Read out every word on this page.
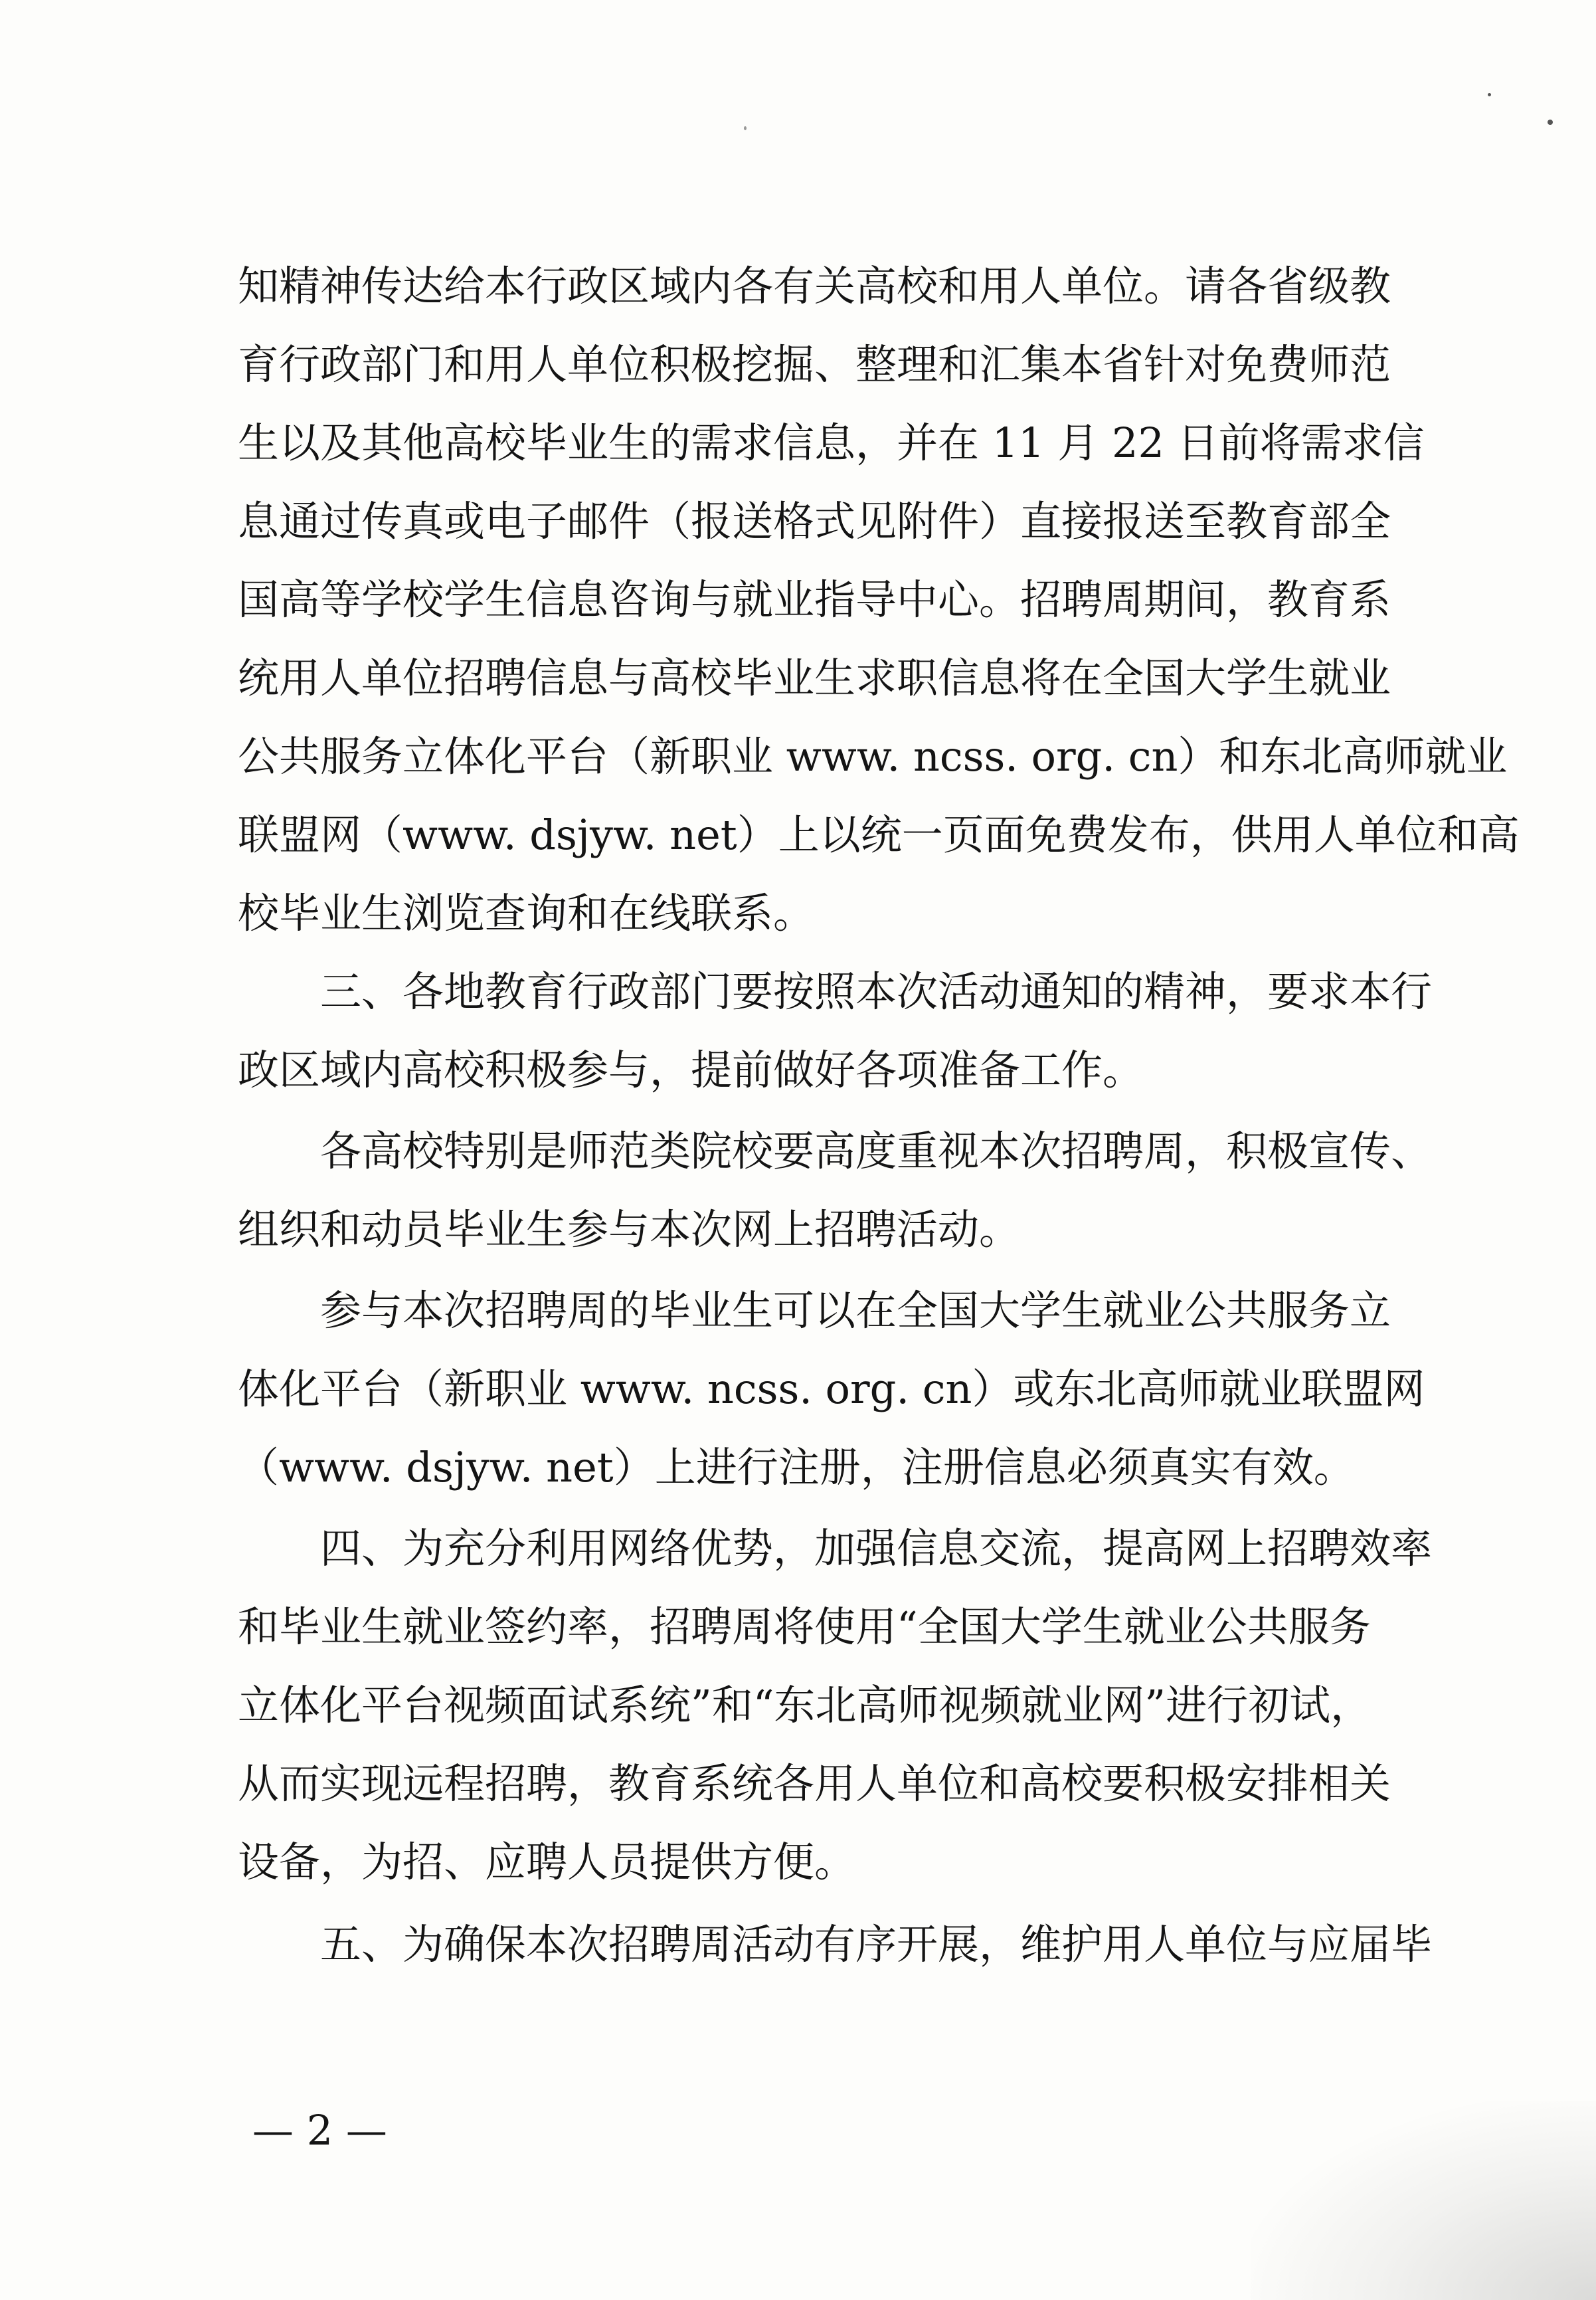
知精神传达给本行政区域内各有关高校和用人单位。请各省级教
育行政部门和用人单位积极挖掘、整理和汇集本省针对免费师范
生以及其他高校毕业生的需求信息，并在 11 月 22 日前将需求信
息通过传真或电子邮件（报送格式见附件）直接报送至教育部全
国高等学校学生信息咨询与就业指导中心。招聘周期间，教育系
统用人单位招聘信息与高校毕业生求职信息将在全国大学生就业
公共服务立体化平台（新职业 www. ncss. org. cn）和东北高师就业
联盟网（www. dsjyw. net）上以统一页面免费发布，供用人单位和高
校毕业生浏览查询和在线联系。
三、各地教育行政部门要按照本次活动通知的精神，要求本行
政区域内高校积极参与，提前做好各项准备工作。
各高校特别是师范类院校要高度重视本次招聘周，积极宣传、
组织和动员毕业生参与本次网上招聘活动。
参与本次招聘周的毕业生可以在全国大学生就业公共服务立
体化平台（新职业 www. ncss. org. cn）或东北高师就业联盟网
（www. dsjyw. net）上进行注册，注册信息必须真实有效。
四、为充分利用网络优势，加强信息交流，提高网上招聘效率
和毕业生就业签约率，招聘周将使用“全国大学生就业公共服务
立体化平台视频面试系统”和“东北高师视频就业网”进行初试，
从而实现远程招聘，教育系统各用人单位和高校要积极安排相关
设备，为招、应聘人员提供方便。
五、为确保本次招聘周活动有序开展，维护用人单位与应届毕
— 2 —
